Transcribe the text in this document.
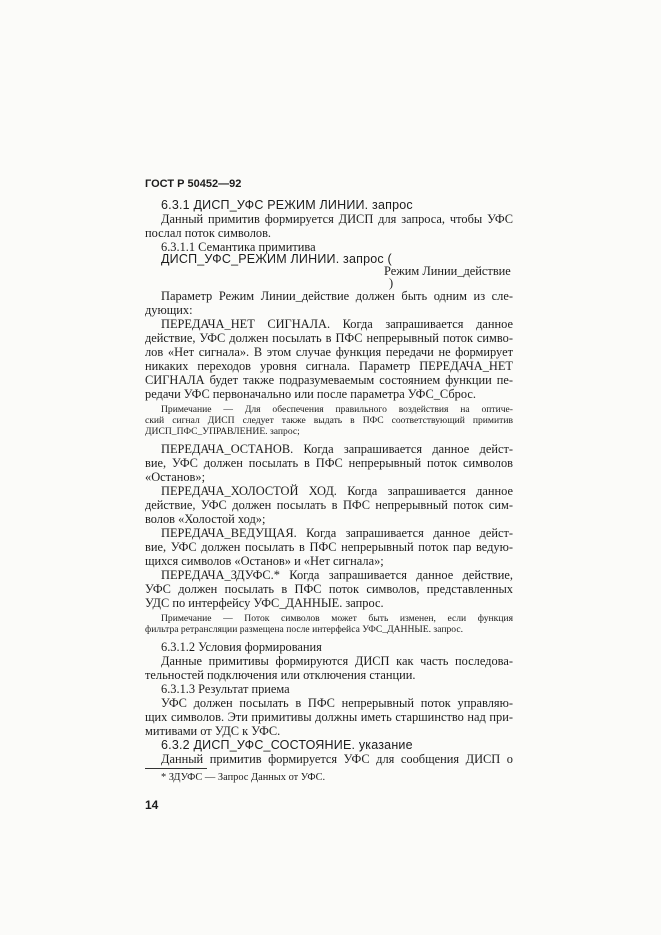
ГОСТ Р 50452—92
6.3.1 ДИСП_УФС РЕЖИМ ЛИНИИ. запрос
Данный примитив формируется ДИСП для запроса, чтобы УФС
послал поток символов.
6.3.1.1 Семантика примитива
ДИСП_УФС_РЕЖИМ ЛИНИИ. запрос (
Режим Линии_действие
)
Параметр Режим Линии_действие должен быть одним из сле-
дующих:
ПЕРЕДАЧА_НЕТ СИГНАЛА. Когда запрашивается данное
действие, УФС должен посылать в ПФС непрерывный поток симво-
лов «Нет сигнала». В этом случае функция передачи не формирует
никаких переходов уровня сигнала. Параметр ПЕРЕДАЧА_НЕТ
СИГНАЛА будет также подразумеваемым состоянием функции пе-
редачи УФС первоначально или после параметра УФС_Сброс.
Примечание — Для обеспечения правильного воздействия на оптиче-
ский сигнал ДИСП следует также выдать в ПФС соответствующий примитив
ДИСП_ПФС_УПРАВЛЕНИЕ. запрос;
ПЕРЕДАЧА_ОСТАНОВ. Когда запрашивается данное дейст-
вие, УФС должен посылать в ПФС непрерывный поток символов
«Останов»;
ПЕРЕДАЧА_ХОЛОСТОЙ ХОД. Когда запрашивается данное
действие, УФС должен посылать в ПФС непрерывный поток сим-
волов «Холостой ход»;
ПЕРЕДАЧА_ВЕДУЩАЯ. Когда запрашивается данное дейст-
вие, УФС должен посылать в ПФС непрерывный поток пар ведую-
щихся символов «Останов» и «Нет сигнала»;
ПЕРЕДАЧА_ЗДУФС.* Когда запрашивается данное действие,
УФС должен посылать в ПФС поток символов, представленных
УДС по интерфейсу УФС_ДАННЫЕ. запрос.
Примечание — Поток символов может быть изменен, если функция
фильтра ретрансляции размещена после интерфейса УФС_ДАННЫЕ. запрос.
6.3.1.2 Условия формирования
Данные примитивы формируются ДИСП как часть последова-
тельностей подключения или отключения станции.
6.3.1.3 Результат приема
УФС должен посылать в ПФС непрерывный поток управляю-
щих символов. Эти примитивы должны иметь старшинство над при-
митивами от УДС к УФС.
6.3.2 ДИСП_УФС_СОСТОЯНИЕ. указание
Данный примитив формируется УФС для сообщения ДИСП о
* ЗДУФС — Запрос Данных от УФС.
14
